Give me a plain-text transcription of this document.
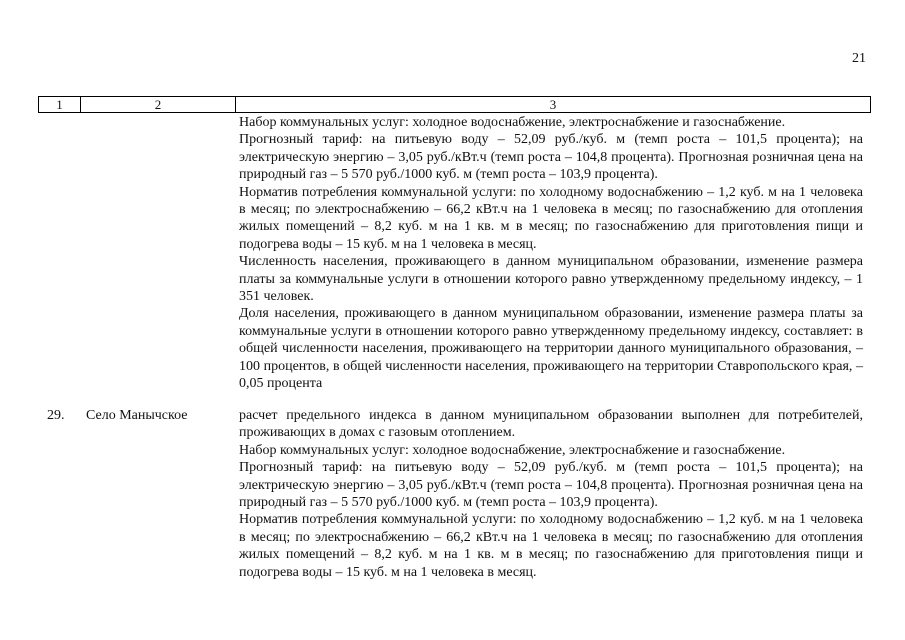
21
1	2	3

Набор коммунальных услуг: холодное водоснабжение, электроснабжение и газоснабжение.

Прогнозный тариф: на питьевую воду – 52,09 руб./куб. м (темп роста – 101,5 процента); на электрическую энергию – 3,05 руб./кВт.ч (темп роста – 104,8 процента). Прогнозная розничная цена на природный газ – 5 570 руб./1000 куб. м (темп роста – 103,9 процента).

Норматив потребления коммунальной услуги: по холодному водоснабжению – 1,2 куб. м на 1 человека в месяц; по электроснабжению – 66,2 кВт.ч на 1 человека в месяц; по газоснабжению для отопления жилых помещений – 8,2 куб. м на 1 кв. м в месяц; по газоснабжению для приготовления пищи и подогрева воды – 15 куб. м на 1 человека в месяц.

Численность населения, проживающего в данном муниципальном образовании, изменение размера платы за коммунальные услуги в отношении которого равно утвержденному предельному индексу, – 1 351 человек.

Доля населения, проживающего в данном муниципальном образовании, изменение размера платы за коммунальные услуги в отношении которого равно утвержденному предельному индексу, составляет: в общей численности населения, проживающего на территории данного муниципального образования, – 100 процентов, в общей численности населения, проживающего на территории Ставропольского края, – 0,05 процента

29. Село Манычское	расчет предельного индекса в данном муниципальном образовании выполнен для потребителей, проживающих в домах с газовым отоплением.

Набор коммунальных услуг: холодное водоснабжение, электроснабжение и газоснабжение.

Прогнозный тариф: на питьевую воду – 52,09 руб./куб. м (темп роста – 101,5 процента); на электрическую энергию – 3,05 руб./кВт.ч (темп роста – 104,8 процента). Прогнозная розничная цена на природный газ – 5 570 руб./1000 куб. м (темп роста – 103,9 процента).

Норматив потребления коммунальной услуги: по холодному водоснабжению – 1,2 куб. м на 1 человека в месяц; по электроснабжению – 66,2 кВт.ч на 1 человека в месяц; по газоснабжению для отопления жилых помещений – 8,2 куб. м на 1 кв. м в месяц; по газоснабжению для приготовления пищи и подогрева воды – 15 куб. м на 1 человека в месяц.
